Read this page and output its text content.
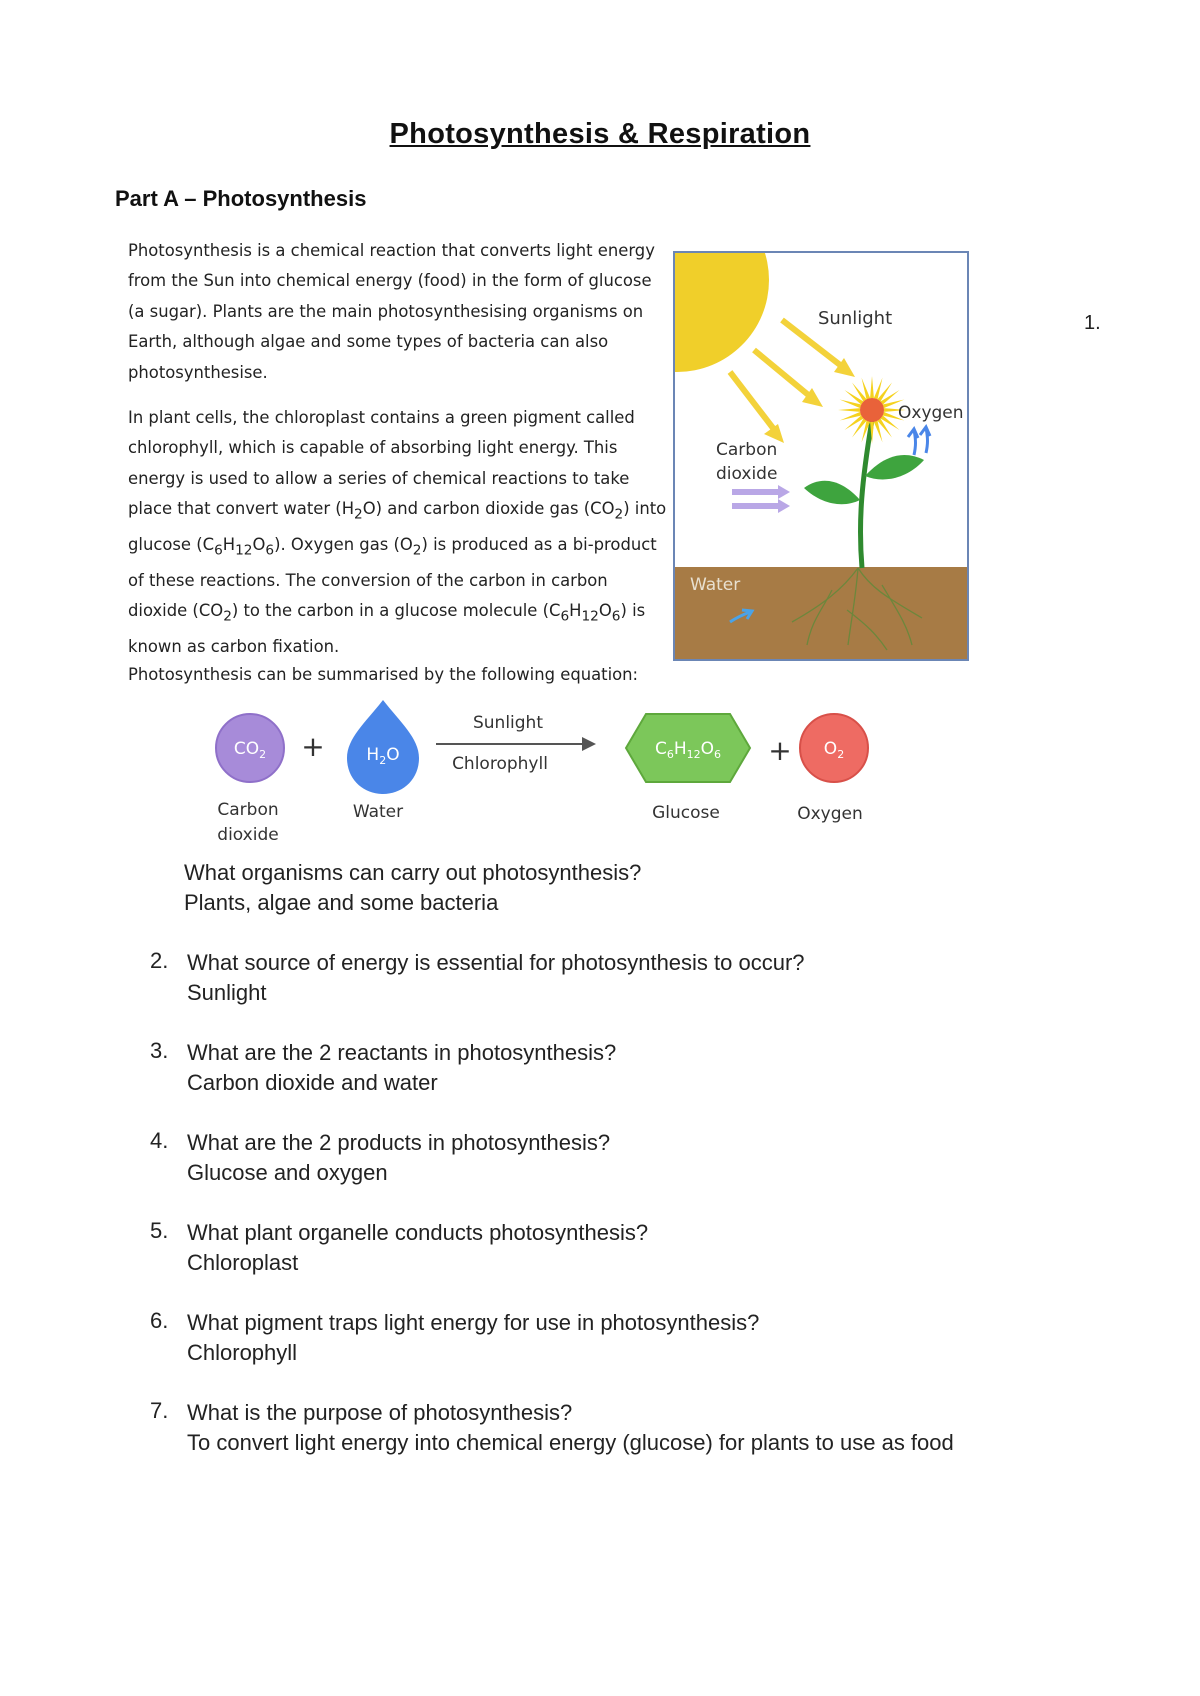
Photosynthesis & Respiration
Part A – Photosynthesis

Photosynthesis is a chemical reaction that converts light energy from the Sun into chemical energy (food) in the form of glucose (a sugar). Plants are the main photosynthesising organisms on Earth, although algae and some types of bacteria can also photosynthesise.

In plant cells, the chloroplast contains a green pigment called chlorophyll, which is capable of absorbing light energy. This energy is used to allow a series of chemical reactions to take place that convert water $(H_2O)$ and carbon dioxide gas $(CO_2)$ into glucose $(C_6H_{12}O_6)$. Oxygen gas $(O_2)$ is produced as a bi-product of these reactions. The conversion of the carbon in carbon dioxide $(CO_2)$ to the carbon in a glucose molecule $(C_6H_{12}O_6)$ is known as carbon fixation.

Photosynthesis can be summarised by the following equation:

1.
Sunlight
Oxygen
Carbon
dioxide
Water
$CO_2 + H_2O$
Sunlight
Chlorophyll
$C_6H_{12}O_6 + O_2$
Carbon
dioxide
Water	Glucose	Oxygen
What organisms can carry out photosynthesis?
Plants, algae and some bacteria
2. What source of energy is essential for photosynthesis to occur?
Sunlight
3. What are the 2 reactants in photosynthesis?
Carbon dioxide and water
4. What are the 2 products in photosynthesis?
Glucose and oxygen
5. What plant organelle conducts photosynthesis?
Chloroplast
6. What pigment traps light energy for use in photosynthesis?
Chlorophyll
7. What is the purpose of photosynthesis?
To convert light energy into chemical energy (glucose) for plants to use as food
